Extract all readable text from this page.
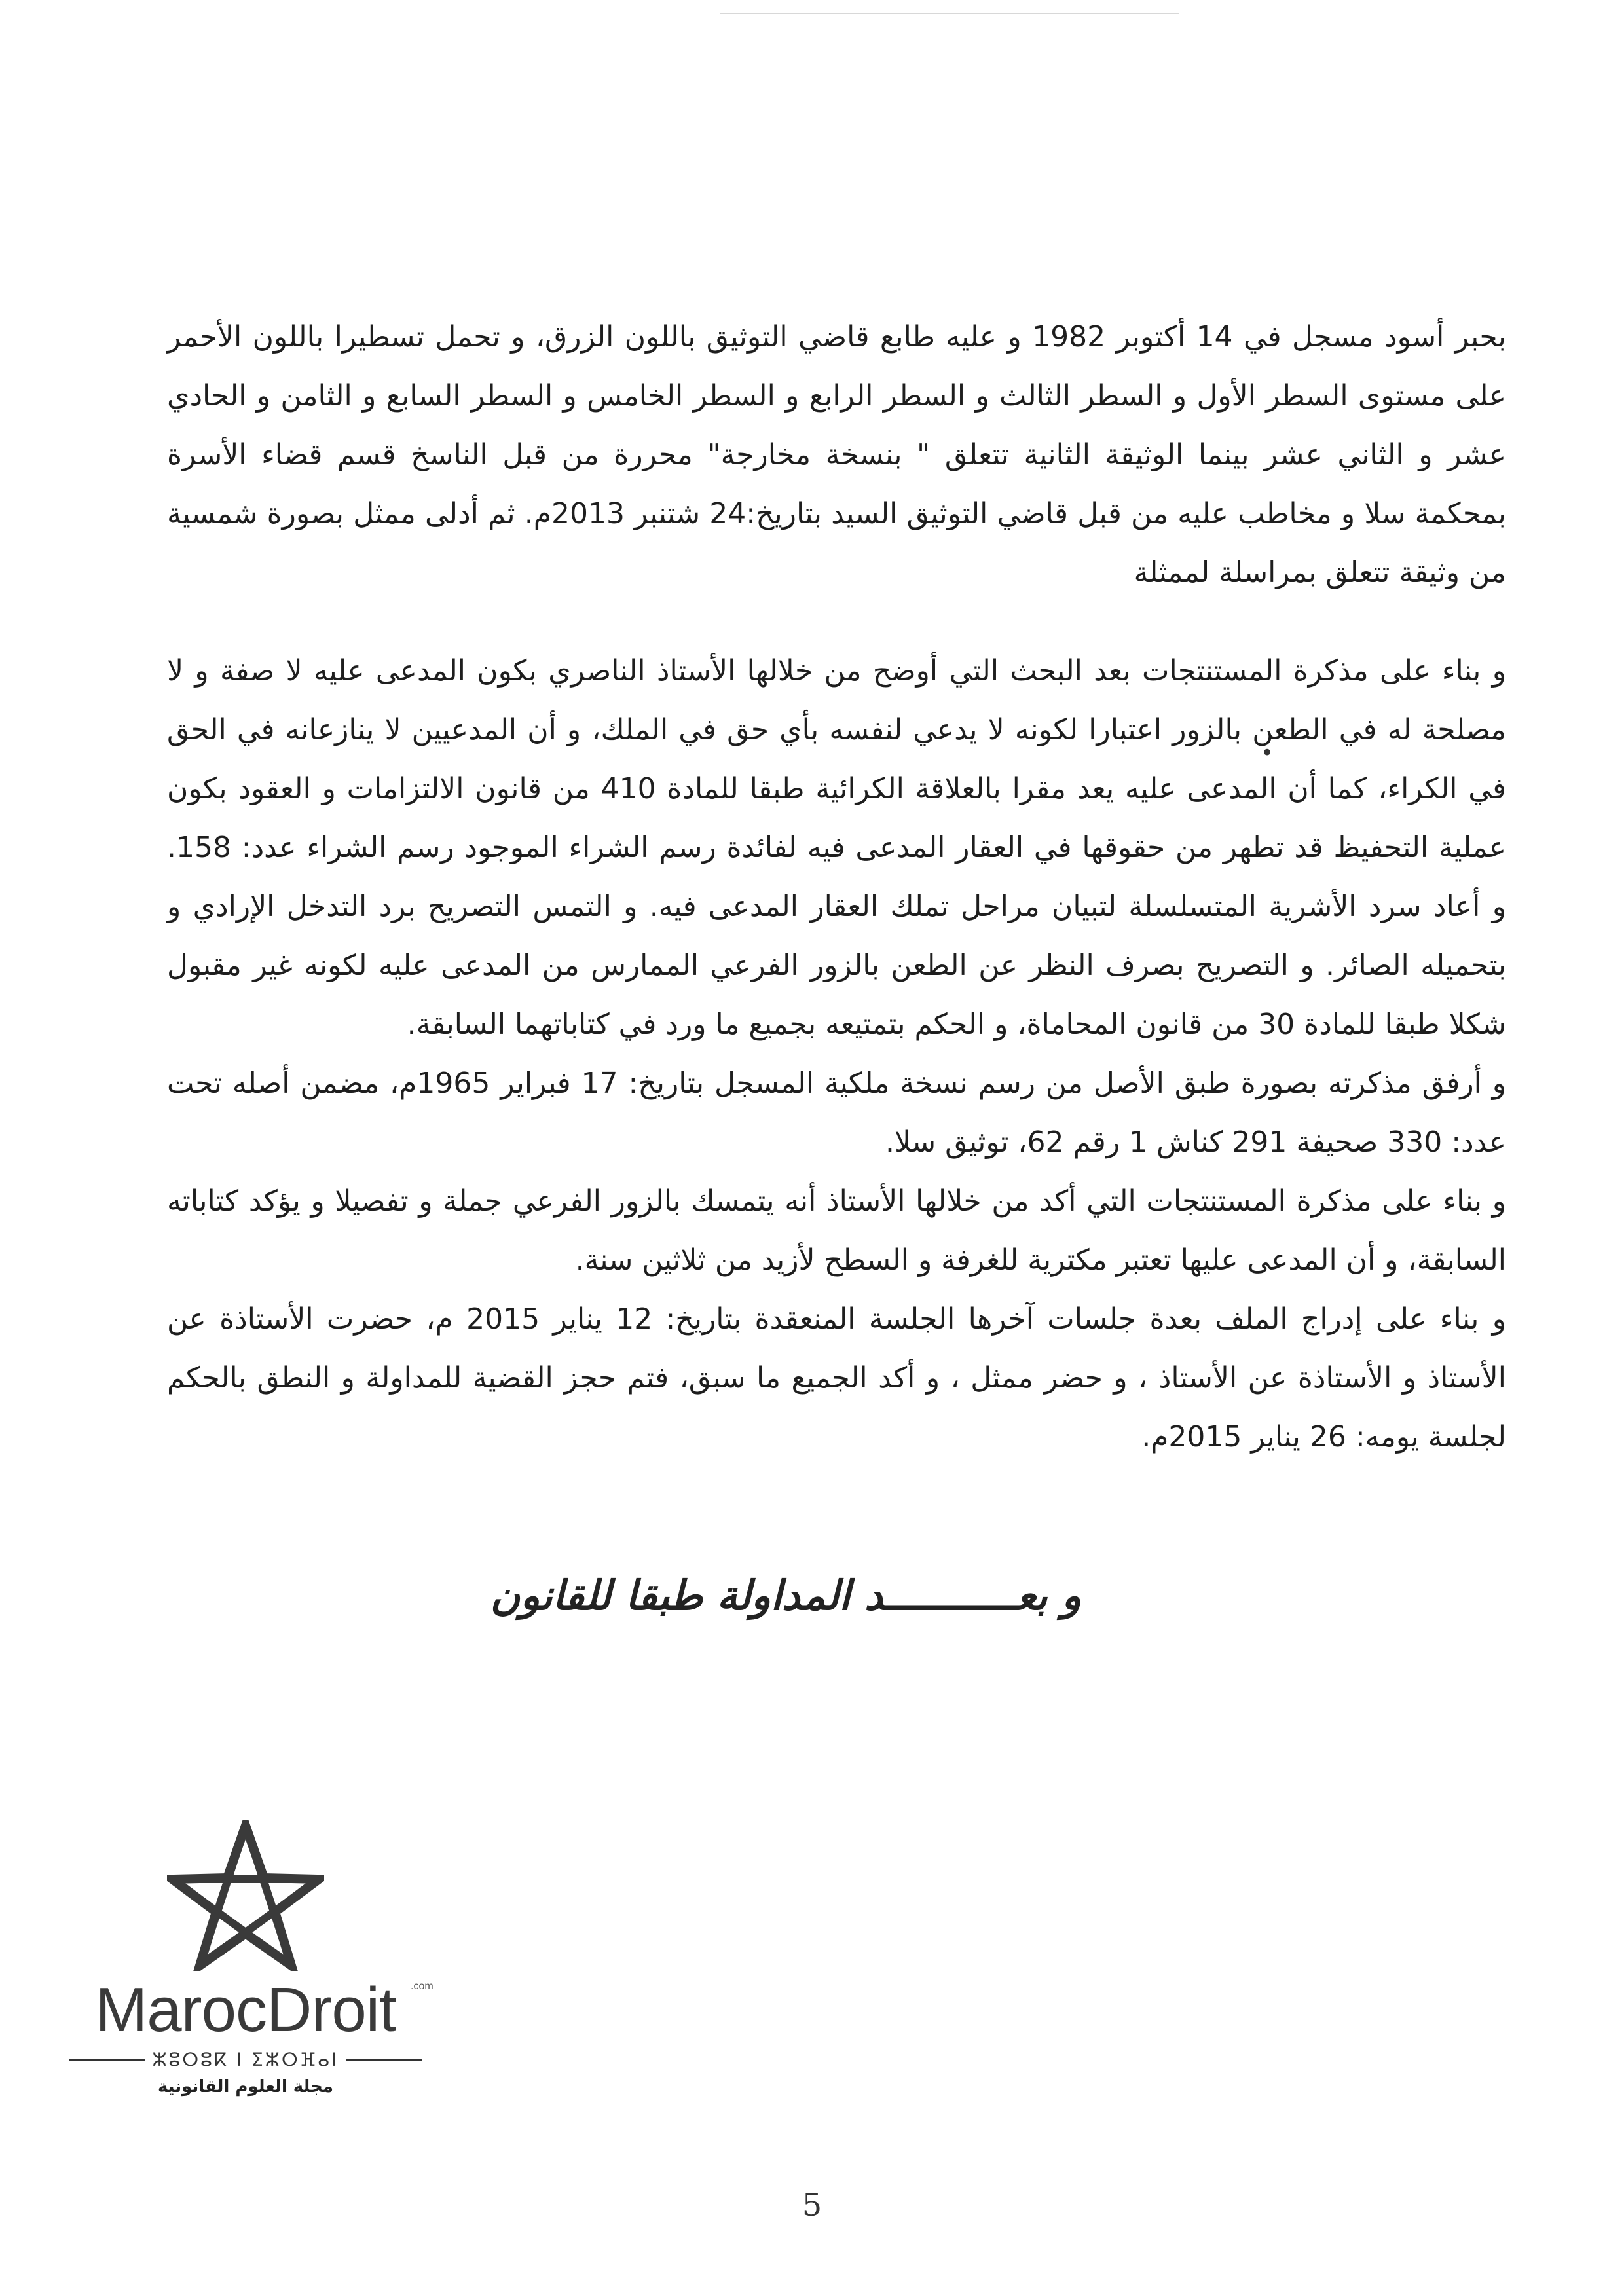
بحبر أسود مسجل في 14 أكتوبر 1982 و عليه طابع قاضي التوثيق باللون الزرق، و تحمل تسطيرا باللون الأحمر على مستوى السطر الأول و السطر الثالث و السطر الرابع و السطر الخامس و السطر السابع و الثامن و الحادي عشر و الثاني عشر بينما الوثيقة الثانية تتعلق " بنسخة مخارجة" محررة من قبل الناسخ قسم قضاء الأسرة بمحكمة سلا و مخاطب عليه من قبل قاضي التوثيق السيد بتاريخ:24 شتنبر 2013م. ثم أدلى ممثل بصورة شمسية من وثيقة تتعلق بمراسلة لممثلة

و بناء على مذكرة المستنتجات بعد البحث التي أوضح من خلالها الأستاذ الناصري بكون المدعى عليه لا صفة و لا مصلحة له في الطعن بالزور اعتبارا لكونه لا يدعي لنفسه بأي حق في الملك، و أن المدعيين لا ينازعانه في الحق في الكراء، كما أن المدعى عليه يعد مقرا بالعلاقة الكرائية طبقا للمادة 410 من قانون الالتزامات و العقود بكون عملية التحفيظ قد تطهر من حقوقها في العقار المدعى فيه لفائدة رسم الشراء الموجود رسم الشراء عدد: 158. و أعاد سرد الأشرية المتسلسلة لتبيان مراحل تملك العقار المدعى فيه. و التمس التصريح برد التدخل الإرادي و بتحميله الصائر. و التصريح بصرف النظر عن الطعن بالزور الفرعي الممارس من المدعى عليه لكونه غير مقبول شكلا طبقا للمادة 30 من قانون المحاماة، و الحكم بتمتيعه بجميع ما ورد في كتاباتهما السابقة.

و أرفق مذكرته بصورة طبق الأصل من رسم نسخة ملكية المسجل بتاريخ: 17 فبراير 1965م، مضمن أصله تحت عدد: 330 صحيفة 291 كناش 1 رقم 62، توثيق سلا.

و بناء على مذكرة المستنتجات التي أكد من خلالها الأستاذ أنه يتمسك بالزور الفرعي جملة و تفصيلا و يؤكد كتاباته السابقة، و أن المدعى عليها تعتبر مكترية للغرفة و السطح لأزيد من ثلاثين سنة.

و بناء على إدراج الملف بعدة جلسات آخرها الجلسة المنعقدة بتاريخ: 12 يناير 2015 م، حضرت الأستاذة عن الأستاذ و الأستاذة عن الأستاذ ، و حضر ممثل ، و أكد الجميع ما سبق، فتم حجز القضية للمداولة و النطق بالحكم لجلسة يومه: 26 يناير 2015م.

•
و بعـــــــــــد المداولة طبقا للقانون
MarocDroit	.com
ⵣⵓⵔⵓⴽ ⵏ ⵉⵣⵔⴼⴰⵏ
مجلة العلوم القانونية
5
